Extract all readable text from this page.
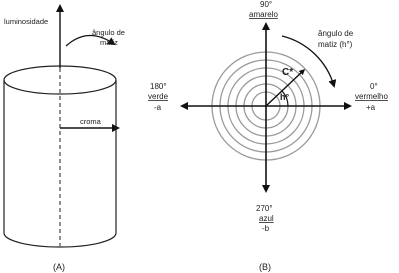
luminosidade
ângulo de
matiz
croma
(A)
90°
amarelo
ângulo de
matiz (h°)
180°
verde
-a
0°
vermelho
+a
270°
azul
-b
C*
h°
(B)
